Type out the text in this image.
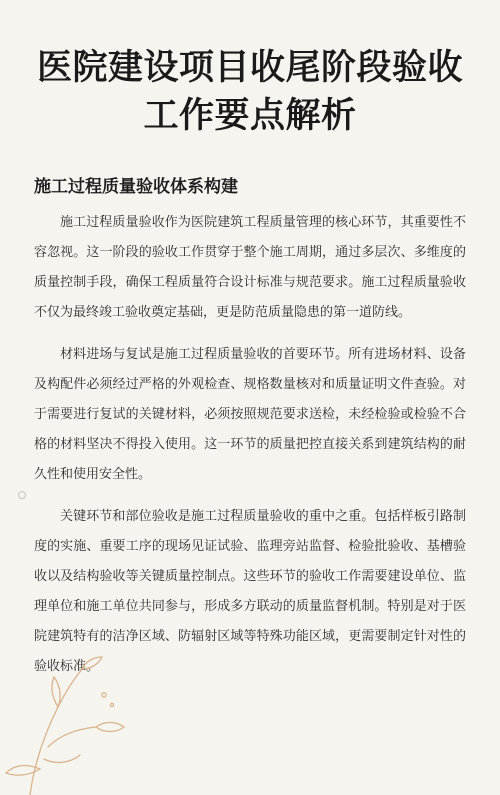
医院建设项目收尾阶段验收工作要点解析
施工过程质量验收体系构建

施工过程质量验收作为医院建筑工程质量管理的核心环节，其重要性不容忽视。这一阶段的验收工作贯穿于整个施工周期，通过多层次、多维度的质量控制手段，确保工程质量符合设计标准与规范要求。施工过程质量验收不仅为最终竣工验收奠定基础，更是防范质量隐患的第一道防线。

材料进场与复试是施工过程质量验收的首要环节。所有进场材料、设备及构配件必须经过严格的外观检查、规格数量核对和质量证明文件查验。对于需要进行复试的关键材料，必须按照规范要求送检，未经检验或检验不合格的材料坚决不得投入使用。这一环节的质量把控直接关系到建筑结构的耐久性和使用安全性。

关键环节和部位验收是施工过程质量验收的重中之重。包括样板引路制度的实施、重要工序的现场见证试验、监理旁站监督、检验批验收、基槽验收以及结构验收等关键质量控制点。这些环节的验收工作需要建设单位、监理单位和施工单位共同参与，形成多方联动的质量监督机制。特别是对于医院建筑特有的洁净区域、防辐射区域等特殊功能区域，更需要制定针对性的验收标准。
